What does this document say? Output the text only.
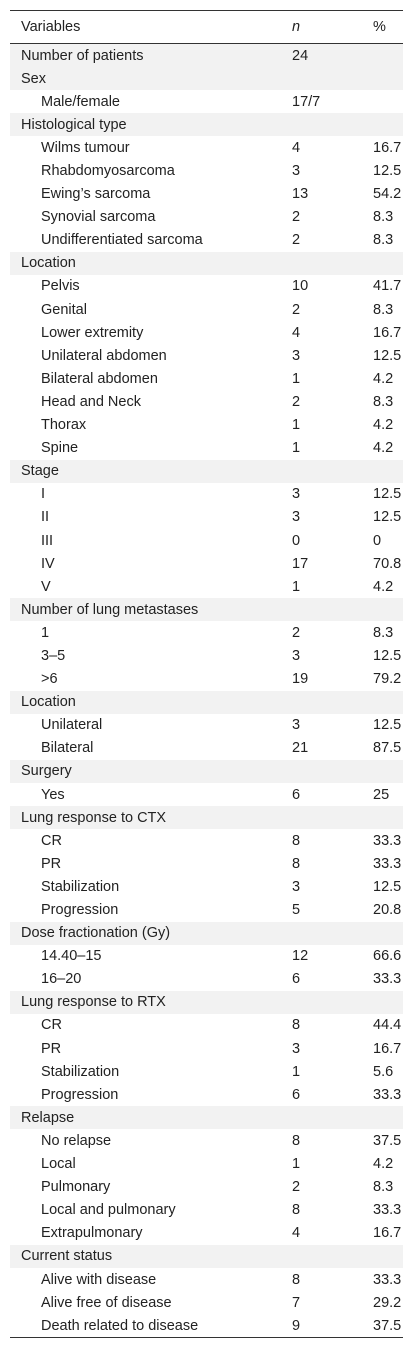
Variables	n	%
Number of patients	24	
Sex		
Male/female	17/7	
Histological type		
Wilms tumour	4	16.7
Rhabdomyosarcoma	3	12.5
Ewing’s sarcoma	13	54.2
Synovial sarcoma	2	8.3
Undifferentiated sarcoma	2	8.3
Location		
Pelvis	10	41.7
Genital	2	8.3
Lower extremity	4	16.7
Unilateral abdomen	3	12.5
Bilateral abdomen	1	4.2
Head and Neck	2	8.3
Thorax	1	4.2
Spine	1	4.2
Stage		
I	3	12.5
II	3	12.5
III	0	0
IV	17	70.8
V	1	4.2
Number of lung metastases		
1	2	8.3
3–5	3	12.5
>6	19	79.2
Location		
Unilateral	3	12.5
Bilateral	21	87.5
Surgery		
Yes	6	25
Lung response to CTX		
CR	8	33.3
PR	8	33.3
Stabilization	3	12.5
Progression	5	20.8
Dose fractionation (Gy)		
14.40–15	12	66.6
16–20	6	33.3
Lung response to RTX		
CR	8	44.4
PR	3	16.7
Stabilization	1	5.6
Progression	6	33.3
Relapse		
No relapse	8	37.5
Local	1	4.2
Pulmonary	2	8.3
Local and pulmonary	8	33.3
Extrapulmonary	4	16.7
Current status		
Alive with disease	8	33.3
Alive free of disease	7	29.2
Death related to disease	9	37.5
